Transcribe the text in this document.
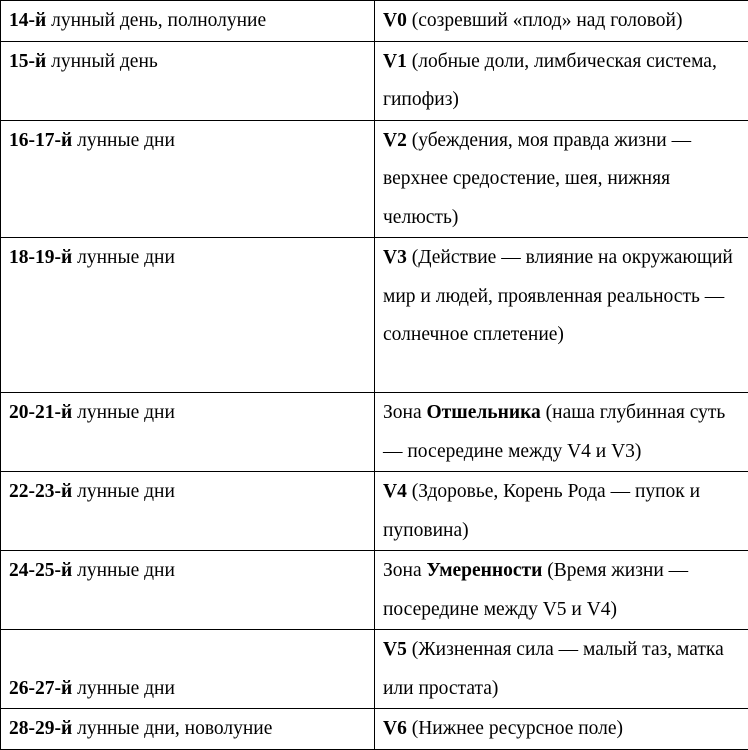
14-й лунный день, полнолуние	V0 (созревший «плод» над головой)
15-й лунный день	V1 (лобные доли, лимбическая система, гипофиз)
16-17-й лунные дни	V2 (убеждения, моя правда жизни — верхнее средостение, шея, нижняя челюсть)
18-19-й лунные дни	V3 (Действие — влияние на окружающий мир и людей, проявленная реальность — солнечное сплетение)
20-21-й лунные дни	Зона Отшельника (наша глубинная суть — посередине между V4 и V3)
22-23-й лунные дни	V4 (Здоровье, Корень Рода — пупок и пуповина)
24-25-й лунные дни	Зона Умеренности (Время жизни — посередине между V5 и V4)
26-27-й лунные дни	V5 (Жизненная сила — малый таз, матка или простата)
28-29-й лунные дни, новолуние	V6 (Нижнее ресурсное поле)
